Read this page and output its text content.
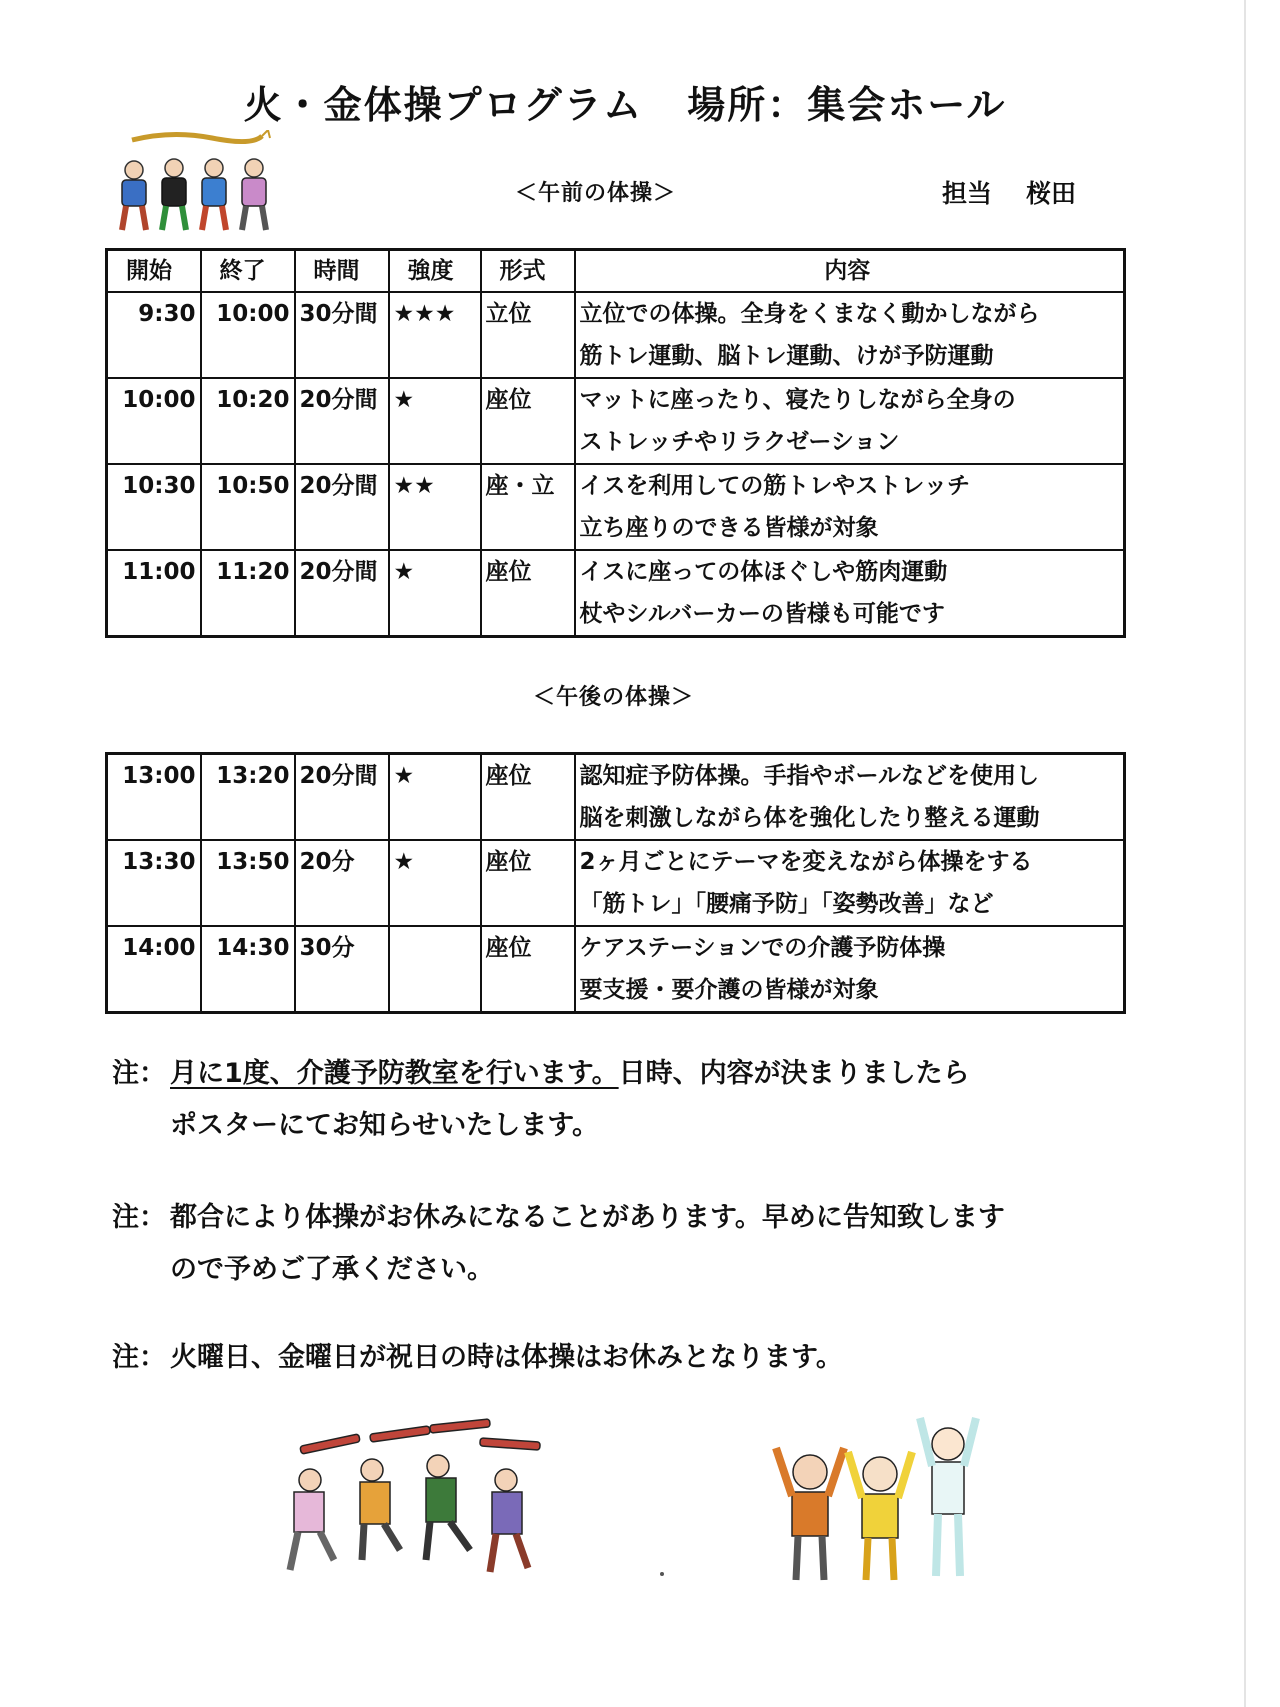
火・金体操プログラム 場所：集会ホール
＜午前の体操＞	担当 桜田
開始	終了	時間	強度	形式	内容
9:30	10:00	30分間	★★★	立位	立位での体操。全身をくまなく動かしながら
筋トレ運動、脳トレ運動、けが予防運動

10:00	10:20	20分間	★	座位	マットに座ったり、寝たりしながら全身の
ストレッチやリラクゼーション

10:30	10:50	20分間	★★	座・立	イスを利用しての筋トレやストレッチ
立ち座りのできる皆様が対象

11:00	11:20	20分間	★	座位	イスに座っての体ほぐしや筋肉運動
杖やシルバーカーの皆様も可能です
＜午後の体操＞
13:00	13:20	20分間	★	座位	認知症予防体操。手指やボールなどを使用し
脳を刺激しながら体を強化したり整える運動

13:30	13:50	20分	★	座位	2ヶ月ごとにテーマを変えながら体操をする
「筋トレ」「腰痛予防」「姿勢改善」など

14:00	14:30	30分		座位	ケアステーションでの介護予防体操
要支援・要介護の皆様が対象
注： 月に1度、介護予防教室を行います。日時、内容が決まりましたら
ポスターにてお知らせいたします。
注： 都合により体操がお休みになることがあります。早めに告知致します
ので予めご了承ください。
注： 火曜日、金曜日が祝日の時は体操はお休みとなります。
